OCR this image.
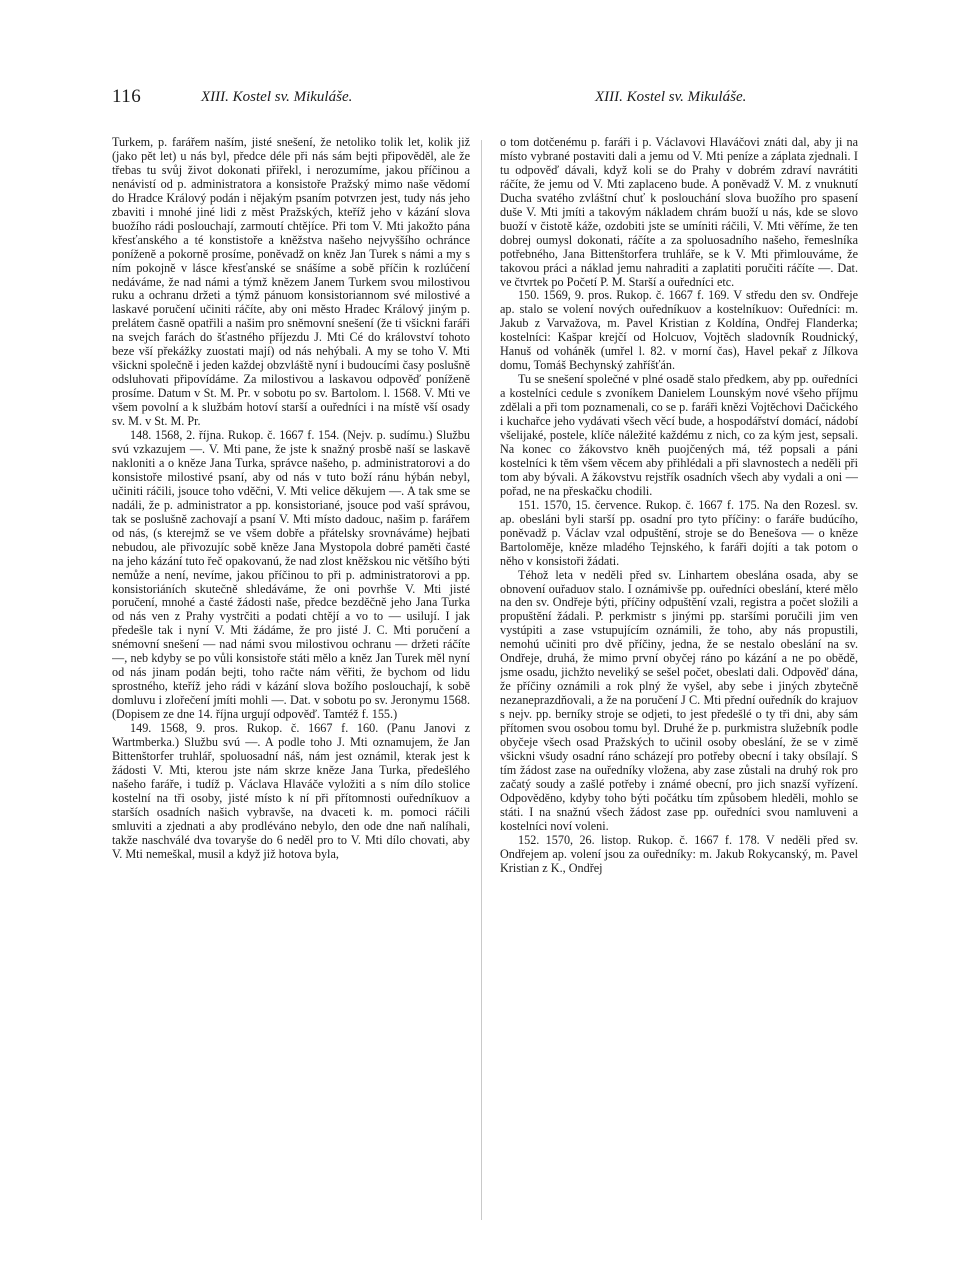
116	XIII. Kostel sv. Mikuláše.	XIII. Kostel sv. Mikuláše.

Turkem, p. farářem naším, jisté snešení, že netoliko tolik let, kolik již (jako pět let) u nás byl, předce déle při nás sám bejti připověděl, ale že třebas tu svůj život dokonati přiřekl, i nerozumíme, jakou příčinou a nenávistí od p. administratora a konsistoře Pražský mimo naše vědomí do Hradce Králový podán i nějakým psaním potvrzen jest, tudy nás jeho zbaviti i mnohé jiné lidi z měst Pražských, kteříž jeho v kázání slova buožího rádi poslouchají, zarmoutí chtějíce. Při tom V. Mti jakožto pána křesťanského a té konstistoře a kněžstva našeho nejvyššího ochránce poníženě a pokorně prosíme, poněvadž on kněz Jan Turek s námi a my s ním pokojně v lásce křesťanské se snášíme a sobě příčin k rozlúčení nedáváme, že nad námi a týmž knězem Janem Turkem svou milostivou ruku a ochranu držeti a týmž pánuom konsistoriannom své milostivé a laskavé poručení učiniti ráčíte, aby oni město Hradec Králový jiným p. prelátem časně opatřili a našim pro sněmovní snešení (že ti všickni faráři na svejch farách do šťastného příjezdu J. Mti Cé do království tohoto beze vší překážky zuostati mají) od nás nehýbali. A my se toho V. Mti všickni společně i jeden každej obzvláště nyní i budoucími časy poslušně odsluhovati připovídáme. Za milostivou a laskavou odpověď poníženě prosíme. Datum v St. M. Pr. v sobotu po sv. Bartolom. l. 1568. V. Mti ve všem povolní a k službám hotoví starší a ouředníci i na místě vší osady sv. M. v St. M. Pr.

148. 1568, 2. října. Rukop. č. 1667 f. 154. (Nejv. p. sudímu.) Službu svú vzkazujem —. V. Mti pane, že jste k snažný prosbě naší se laskavě nakloniti a o kněze Jana Turka, správce našeho, p. administratorovi a do konsistoře milostivé psaní, aby od nás v tuto boží ránu hýbán nebyl, učiniti ráčili, jsouce toho vděčni, V. Mti velice děkujem —. A tak sme se nadáli, že p. administrator a pp. konsistoriané, jsouce pod vaší správou, tak se poslušně zachovají a psaní V. Mti místo dadouc, našim p. farářem od nás, (s kterejmž se ve všem dobře a přátelsky srovnáváme) hejbati nebudou, ale přivozujíc sobě kněze Jana Mystopola dobré paměti časté na jeho kázání tuto řeč opakovanú, že nad zlost kněžskou nic většího býti nemůže a není, nevíme, jakou příčinou to při p. administratorovi a pp. konsistoriáních skutečně shledáváme, že oni povrhše V. Mti jisté poručení, mnohé a časté žádosti naše, předce bezděčně jeho Jana Turka od nás ven z Prahy vystrčiti a podati chtějí a vo to — usilují. I jak předešle tak i nyní V. Mti žádáme, že pro jisté J. C. Mti poručení a snémovní snešení — nad námi svou milostivou ochranu — držeti ráčíte —, neb kdyby se po vůli konsistoře státi mělo a kněz Jan Turek měl nyní od nás jinam podán bejti, toho račte nám věřiti, že bychom od lidu sprostného, kteříž jeho rádi v kázání slova božího poslouchají, k sobě domluvu i zlořečení jmíti mohli —. Dat. v sobotu po sv. Jeronymu 1568. (Dopisem ze dne 14. října urgují odpověď. Tamtéž f. 155.)

149. 1568, 9. pros. Rukop. č. 1667 f. 160. (Panu Janovi z Wartmberka.) Službu svú —. A podle toho J. Mti oznamujem, že Jan Bittenštorfer truhlář, spoluosadní náš, nám jest oznámil, kterak jest k žádosti V. Mti, kterou jste nám skrze kněze Jana Turka, předešlého našeho faráře, i tudíž p. Václava Hlaváče vyložiti a s ním dílo stolice kostelní na tři osoby, jisté místo k ní při přítomnosti ouředníkuov a starších osadních našich vybravše, na dvaceti k. m. pomoci ráčili smluviti a zjednati a aby prodléváno nebylo, den ode dne naň nalíhali, takže naschválé dva tovaryše do 6 neděl pro to V. Mti dílo chovati, aby V. Mti nemeškal, musil a když již hotova byla,

o tom dotčenému p. faráři i p. Václavovi Hlaváčovi znáti dal, aby ji na místo vybrané postaviti dali a jemu od V. Mti peníze a záplata zjednali. I tu odpověď dávali, když koli se do Prahy v dobrém zdraví navrátiti ráčíte, že jemu od V. Mti zaplaceno bude. A poněvadž V. M. z vnuknutí Ducha svatého zvláštní chuť k poslouchání slova buožího pro spasení duše V. Mti jmíti a takovým nákladem chrám buoží u nás, kde se slovo buoží v čistotě káže, ozdobiti jste se umíniti ráčili, V. Mti věříme, že ten dobrej oumysl dokonati, ráčíte a za spoluosadního našeho, řemeslníka potřebného, Jana Bittenštorfera truhláře, se k V. Mti přimlouváme, že takovou práci a náklad jemu nahraditi a zaplatiti poručiti ráčíte —. Dat. ve čtvrtek po Početí P. M. Starší a ouředníci etc.

150. 1569, 9. pros. Rukop. č. 1667 f. 169. V středu den sv. Ondřeje ap. stalo se volení nových ouředníkuov a kostelníkuov: Ouředníci: m. Jakub z Varvažova, m. Pavel Kristian z Koldína, Ondřej Flanderka; kostelníci: Kašpar krejčí od Holcuov, Vojtěch sladovník Roudnický, Hanuš od voháněk (umřel l. 82. v morní čas), Havel pekař z Jílkova domu, Tomáš Bechynský zahříšťán.

Tu se snešení společné v plné osadě stalo předkem, aby pp. ouředníci a kostelníci cedule s zvoníkem Danielem Lounským nové všeho příjmu zdělali a při tom poznamenali, co se p. faráři knězi Vojtěchovi Dačického i kuchařce jeho vydávati všech věcí bude, a hospodářství domácí, nádobí všelijaké, postele, klíče náležité každému z nich, co za kým jest, sepsali. Na konec co žákovstvo kněh puojčených má, též popsali a páni kostelníci k těm všem věcem aby přihlédali a při slavnostech a neděli při tom aby bývali. A žákovstvu rejstřík osadních všech aby vydali a oni — pořad, ne na přeskačku chodili.

151. 1570, 15. července. Rukop. č. 1667 f. 175. Na den Rozesl. sv. ap. obesláni byli starší pp. osadní pro tyto příčiny: o faráře budúcího, poněvadž p. Václav vzal odpuštění, stroje se do Benešova — o kněze Bartoloměje, kněze mladého Tejnského, k faráři dojíti a tak potom o něho v konsistoři žádati.

Téhož leta v neděli před sv. Linhartem obeslána osada, aby se obnovení ouřaduov stalo. I oznámivše pp. ouředníci obeslání, které mělo na den sv. Ondřeje býti, příčiny odpuštění vzali, registra a počet složili a propuštění žádali. P. perkmistr s jinými pp. staršími poručili jim ven vystúpiti a zase vstupujícím oznámili, že toho, aby nás propustili, nemohú učiniti pro dvě příčiny, jedna, že se nestalo obeslání na sv. Ondřeje, druhá, že mimo první obyčej ráno po kázání a ne po obědě, jsme osadu, jichžto neveliký se sešel počet, obeslati dali. Odpověď dána, že příčiny oznámili a rok plný že vyšel, aby sebe i jiných zbytečně nezaneprazdňovali, a že na poručení J C. Mti přední ouředník do krajuov s nejv. pp. berníky stroje se odjeti, to jest předešlé o ty tři dni, aby sám přítomen svou osobou tomu byl. Druhé že p. purkmistra služebník podle obyčeje všech osad Pražských to učinil osoby obeslání, že se v zimě všickni všudy osadní ráno scházejí pro potřeby obecní i taky obsílají. S tím žádost zase na ouředníky vložena, aby zase zůstali na druhý rok pro začatý soudy a zašlé potřeby i známé obecní, pro jich snazší vyřízení. Odpověděno, kdyby toho býti počátku tím způsobem hleděli, mohlo se státi. I na snažnú všech žádost zase pp. ouředníci svou namluveni a kostelníci noví voleni.

152. 1570, 26. listop. Rukop. č. 1667 f. 178. V neděli před sv. Ondřejem ap. volení jsou za ouředníky: m. Jakub Rokycanský, m. Pavel Kristian z K., Ondřej
